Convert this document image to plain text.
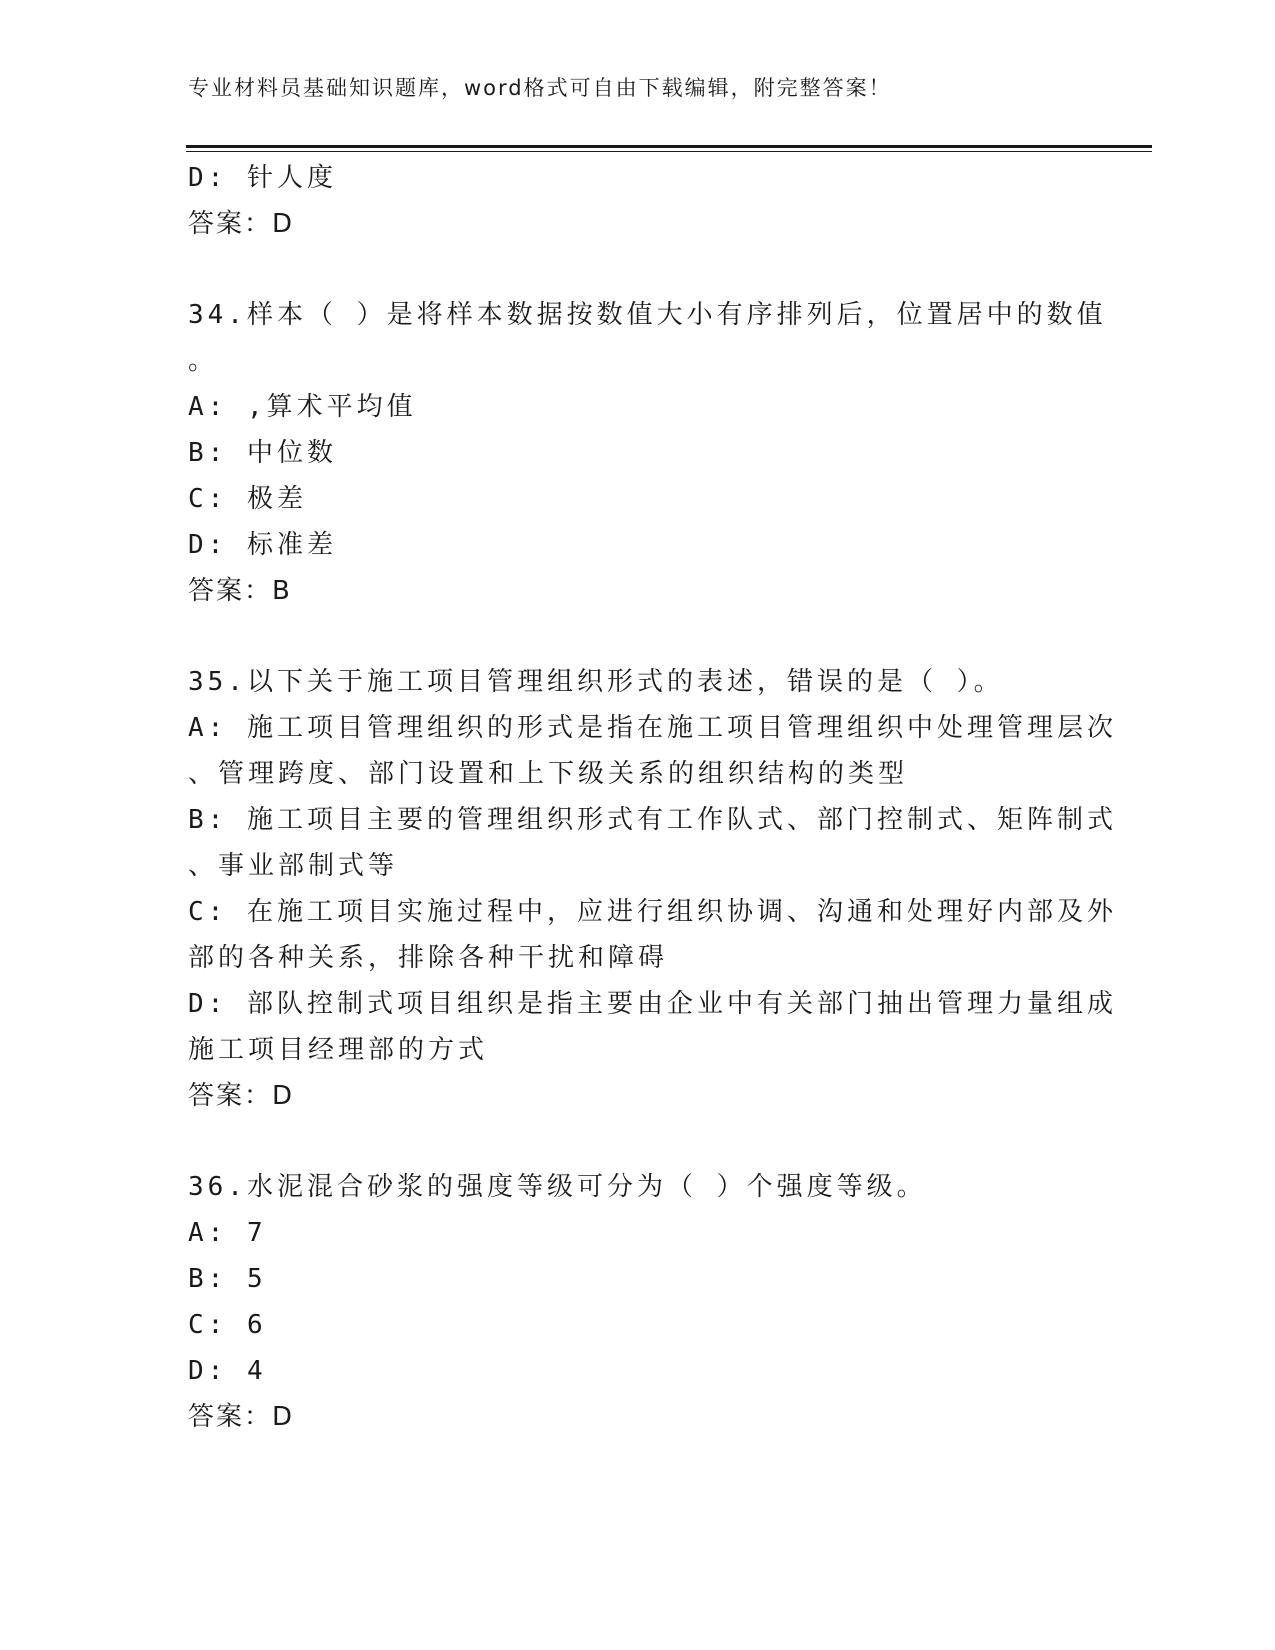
专业材料员基础知识题库，word格式可自由下载编辑，附完整答案！
D: 针人度
答案：D
34.样本（ ）是将样本数据按数值大小有序排列后，位置居中的数值
。
A: ,算术平均值
B: 中位数
C: 极差
D: 标准差
答案：B
35.以下关于施工项目管理组织形式的表述，错误的是（ ）。
A: 施工项目管理组织的形式是指在施工项目管理组织中处理管理层次
、管理跨度、部门设置和上下级关系的组织结构的类型
B: 施工项目主要的管理组织形式有工作队式、部门控制式、矩阵制式
、事业部制式等
C: 在施工项目实施过程中，应进行组织协调、沟通和处理好内部及外
部的各种关系，排除各种干扰和障碍
D: 部队控制式项目组织是指主要由企业中有关部门抽出管理力量组成
施工项目经理部的方式
答案：D
36.水泥混合砂浆的强度等级可分为（ ）个强度等级。
A: 7
B: 5
C: 6
D: 4
答案：D
